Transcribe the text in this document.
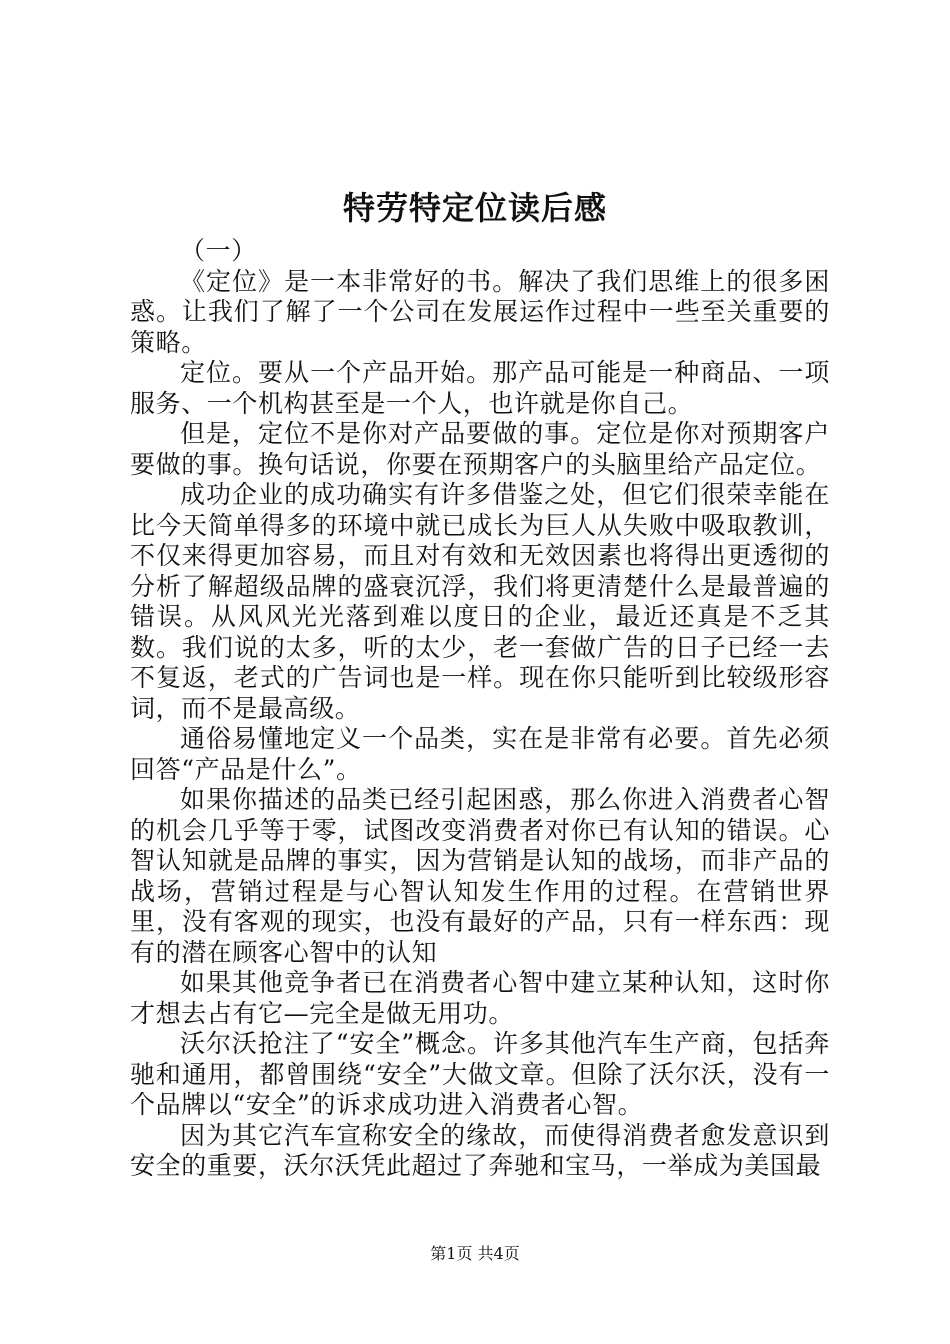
特劳特定位读后感

（一）

《定位》是一本非常好的书。解决了我们思维上的很多困惑。让我们了解了一个公司在发展运作过程中一些至关重要的策略。

定位。要从一个产品开始。那产品可能是一种商品、一项服务、一个机构甚至是一个人，也许就是你自己。

但是，定位不是你对产品要做的事。定位是你对预期客户要做的事。换句话说，你要在预期客户的头脑里给产品定位。

成功企业的成功确实有许多借鉴之处，但它们很荣幸能在比今天简单得多的环境中就已成长为巨人从失败中吸取教训，不仅来得更加容易，而且对有效和无效因素也将得出更透彻的分析了解超级品牌的盛衰沉浮，我们将更清楚什么是最普遍的错误。从风风光光落到难以度日的企业，最近还真是不乏其数。我们说的太多，听的太少，老一套做广告的日子已经一去不复返，老式的广告词也是一样。现在你只能听到比较级形容词，而不是最高级。

通俗易懂地定义一个品类，实在是非常有必要。首先必须回答“产品是什么”。

如果你描述的品类已经引起困惑，那么你进入消费者心智的机会几乎等于零，试图改变消费者对你已有认知的错误。心智认知就是品牌的事实，因为营销是认知的战场，而非产品的战场，营销过程是与心智认知发生作用的过程。在营销世界里，没有客观的现实，也没有最好的产品，只有一样东西：现有的潜在顾客心智中的认知

如果其他竞争者已在消费者心智中建立某种认知，这时你才想去占有它—完全是做无用功。

沃尔沃抢注了“安全”概念。许多其他汽车生产商，包括奔驰和通用，都曾围绕“安全”大做文章。但除了沃尔沃，没有一个品牌以“安全”的诉求成功进入消费者心智。

因为其它汽车宣称安全的缘故，而使得消费者愈发意识到安全的重要，沃尔沃凭此超过了奔驰和宝马，一举成为美国最

第1页 共4页
